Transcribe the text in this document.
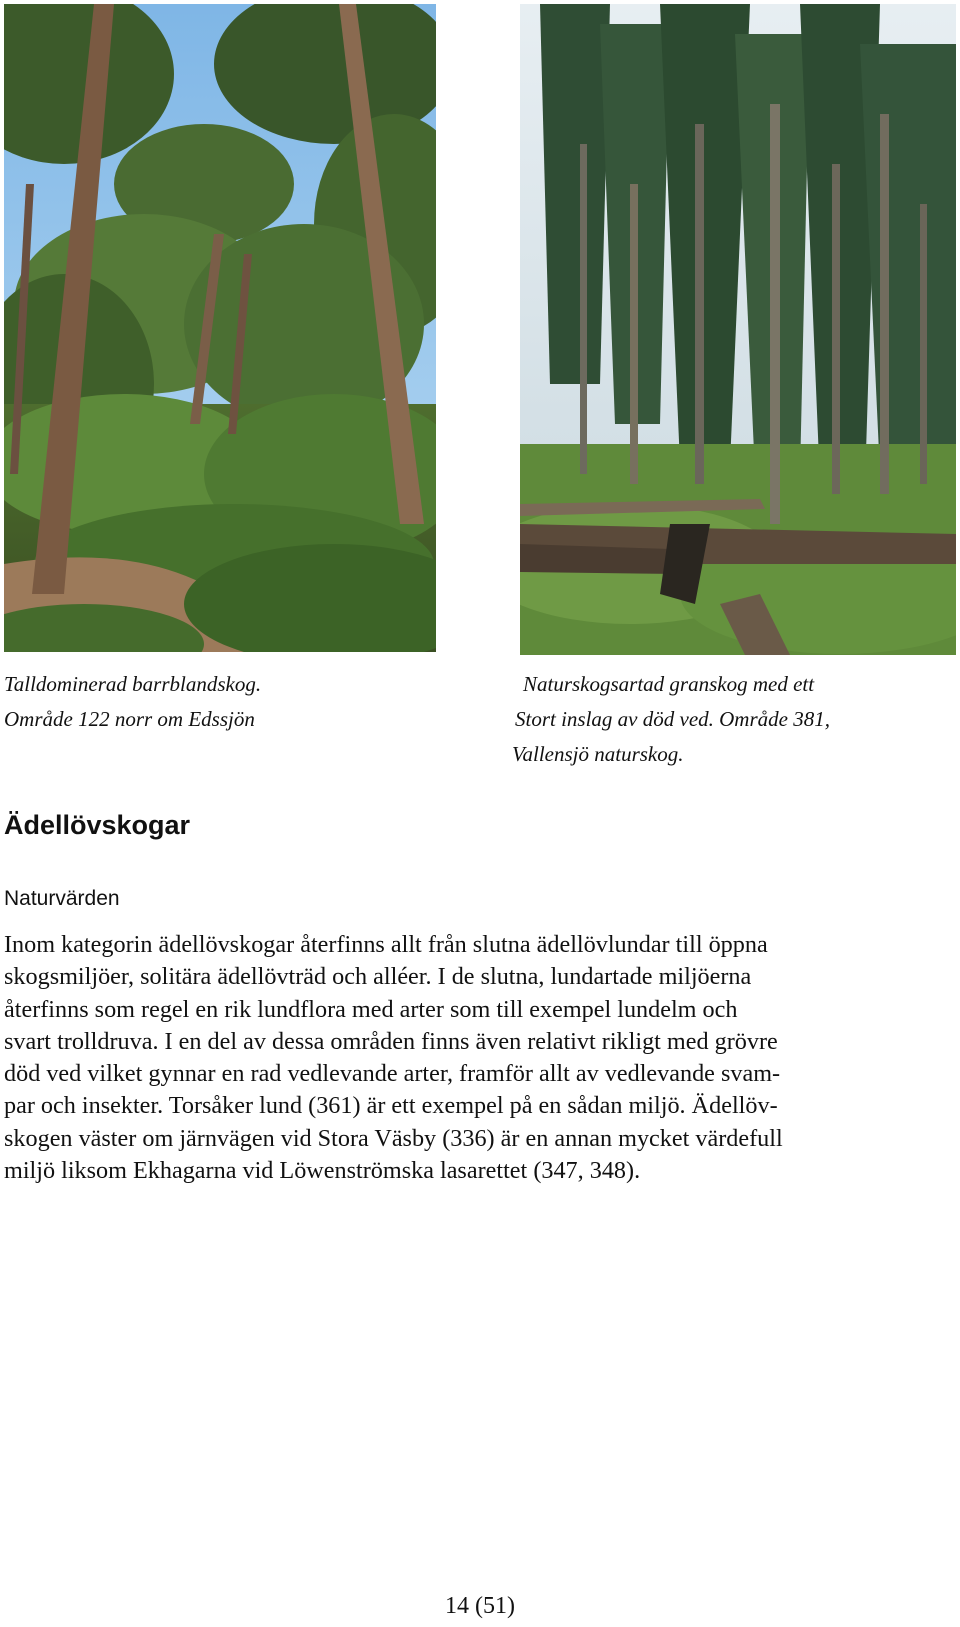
Talldominerad barrblandskog.
Område 122 norr om Edssjön
Naturskogsartad granskog med ett
Stort inslag av död ved. Område 381,
Vallensjö naturskog.
Ädellövskogar
Naturvärden
Inom kategorin ädellövskogar återfinns allt från slutna ädellövlundar till öppna
skogsmiljöer, solitära ädellövträd och alléer. I de slutna, lundartade miljöerna
återfinns som regel en rik lundflora med arter som till exempel lundelm och
svart trolldruva. I en del av dessa områden finns även relativt rikligt med grövre
död ved vilket gynnar en rad vedlevande arter, framför allt av vedlevande svam-
par och insekter. Torsåker lund (361) är ett exempel på en sådan miljö. Ädellöv-
skogen väster om järnvägen vid Stora Väsby (336) är en annan mycket värdefull
miljö liksom Ekhagarna vid Löwenströmska lasarettet (347, 348).
14 (51)
